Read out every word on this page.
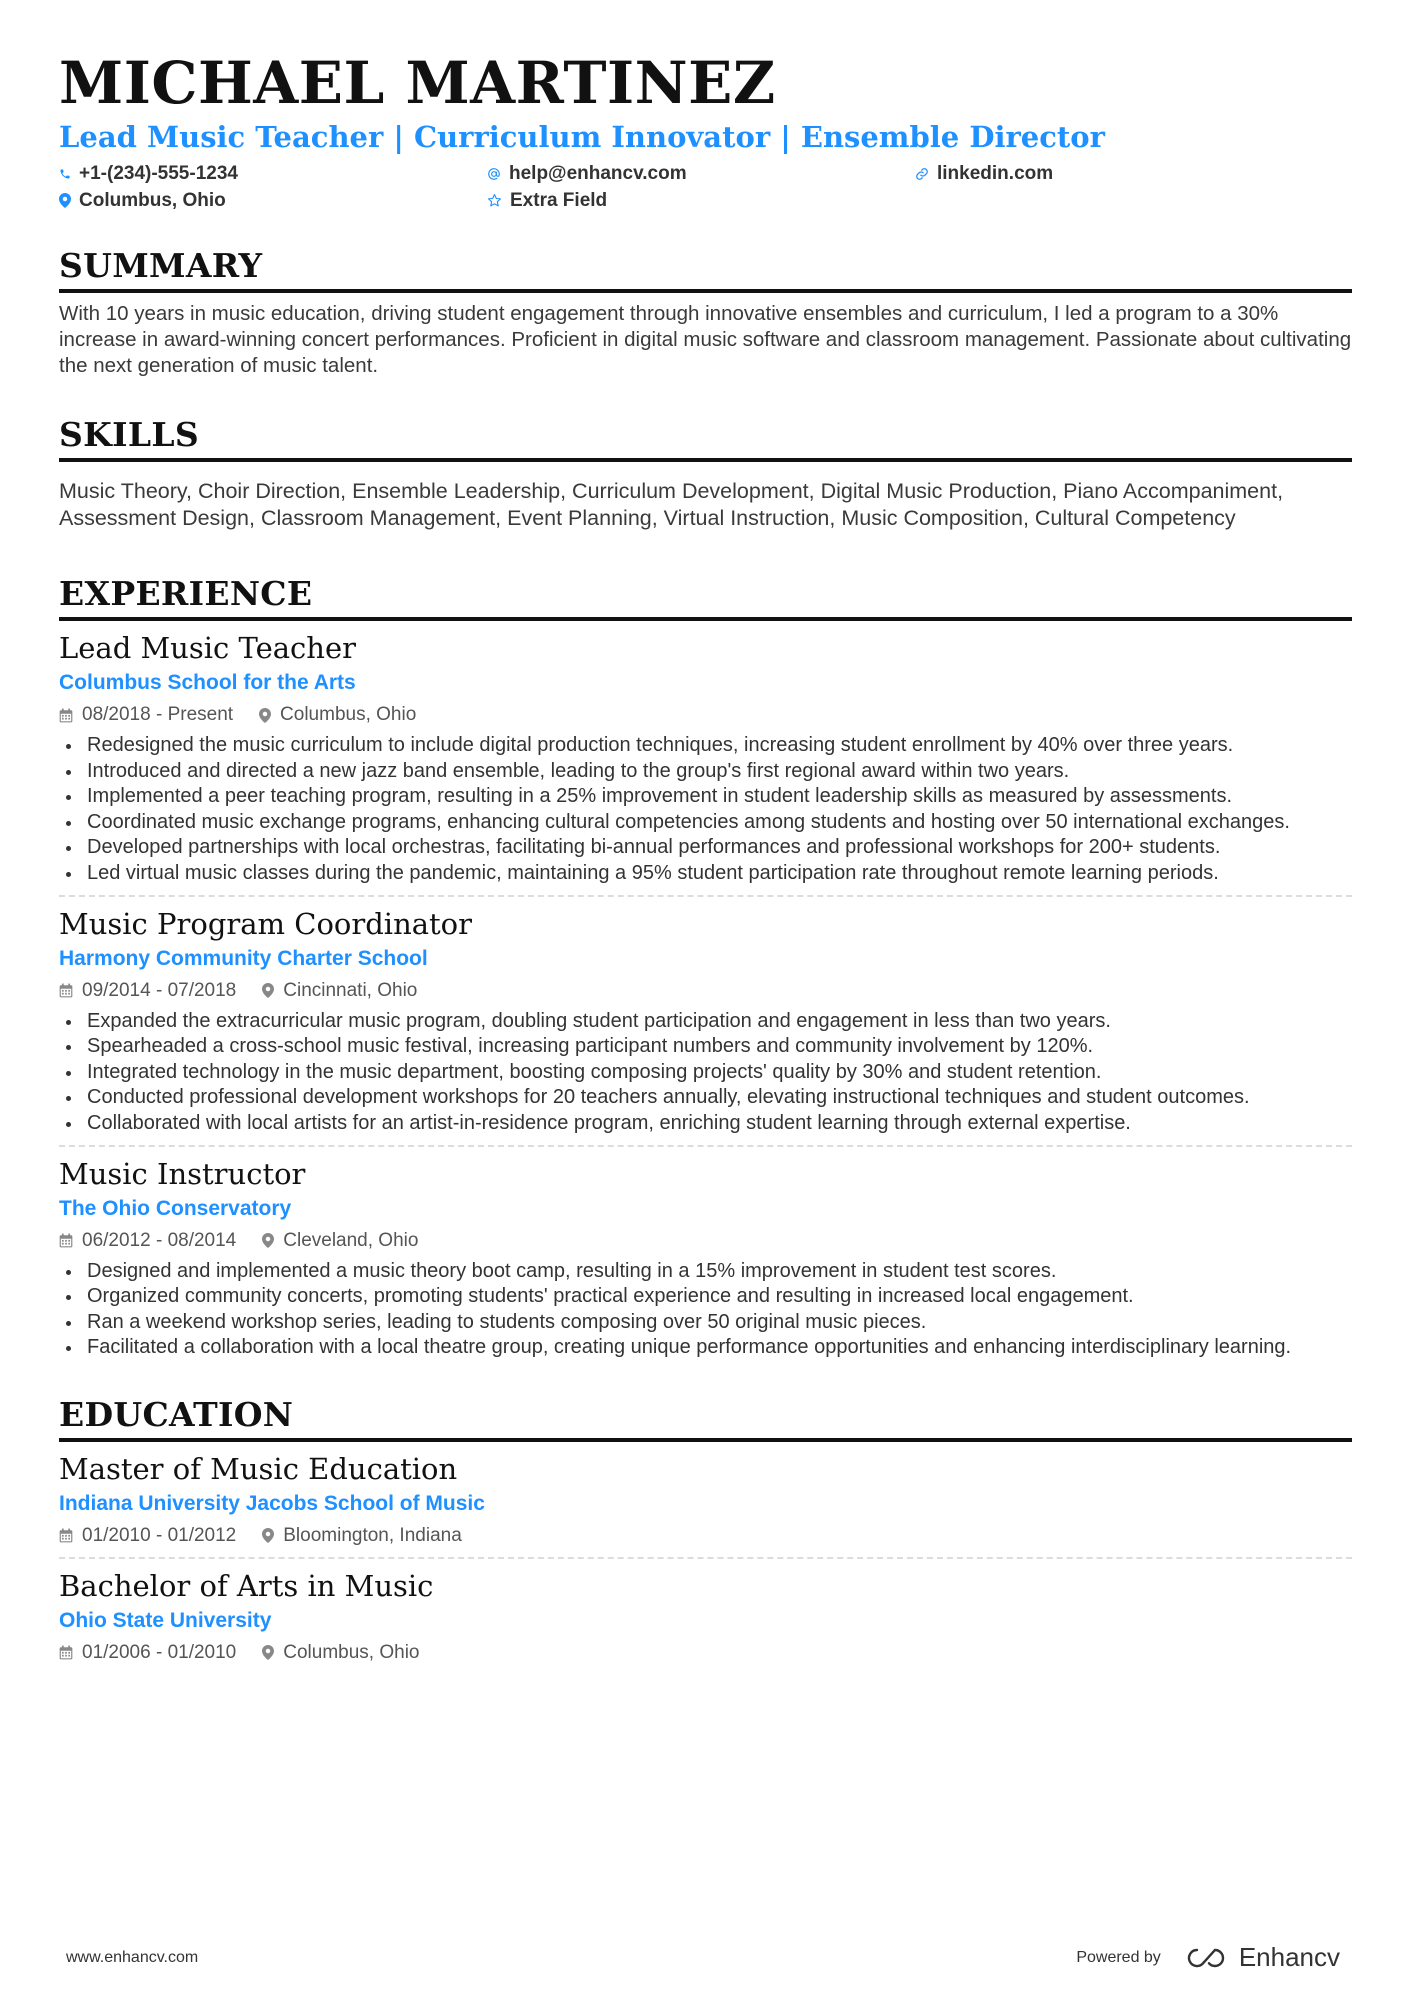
MICHAEL MARTINEZ
Lead Music Teacher | Curriculum Innovator | Ensemble Director
+1-(234)-555-1234	help@enhancv.com	linkedin.com
Columbus, Ohio	Extra Field
SUMMARY
With 10 years in music education, driving student engagement through innovative ensembles and curriculum, I led a program to a 30% increase in award-winning concert performances. Proficient in digital music software and classroom management. Passionate about cultivating the next generation of music talent.
SKILLS
Music Theory, Choir Direction, Ensemble Leadership, Curriculum Development, Digital Music Production, Piano Accompaniment, Assessment Design, Classroom Management, Event Planning, Virtual Instruction, Music Composition, Cultural Competency
EXPERIENCE
Lead Music Teacher
Columbus School for the Arts
08/2018 - Present Columbus, Ohio
Redesigned the music curriculum to include digital production techniques, increasing student enrollment by 40% over three years.
Introduced and directed a new jazz band ensemble, leading to the group's first regional award within two years.
Implemented a peer teaching program, resulting in a 25% improvement in student leadership skills as measured by assessments.
Coordinated music exchange programs, enhancing cultural competencies among students and hosting over 50 international exchanges.
Developed partnerships with local orchestras, facilitating bi-annual performances and professional workshops for 200+ students.
Led virtual music classes during the pandemic, maintaining a 95% student participation rate throughout remote learning periods.
Music Program Coordinator
Harmony Community Charter School
09/2014 - 07/2018 Cincinnati, Ohio
Expanded the extracurricular music program, doubling student participation and engagement in less than two years.
Spearheaded a cross-school music festival, increasing participant numbers and community involvement by 120%.
Integrated technology in the music department, boosting composing projects' quality by 30% and student retention.
Conducted professional development workshops for 20 teachers annually, elevating instructional techniques and student outcomes.
Collaborated with local artists for an artist-in-residence program, enriching student learning through external expertise.
Music Instructor
The Ohio Conservatory
06/2012 - 08/2014 Cleveland, Ohio
Designed and implemented a music theory boot camp, resulting in a 15% improvement in student test scores.
Organized community concerts, promoting students' practical experience and resulting in increased local engagement.
Ran a weekend workshop series, leading to students composing over 50 original music pieces.
Facilitated a collaboration with a local theatre group, creating unique performance opportunities and enhancing interdisciplinary learning.
EDUCATION
Master of Music Education
Indiana University Jacobs School of Music
01/2010 - 01/2012 Bloomington, Indiana
Bachelor of Arts in Music
Ohio State University
01/2006 - 01/2010 Columbus, Ohio
www.enhancv.com	Powered by	Enhancv
